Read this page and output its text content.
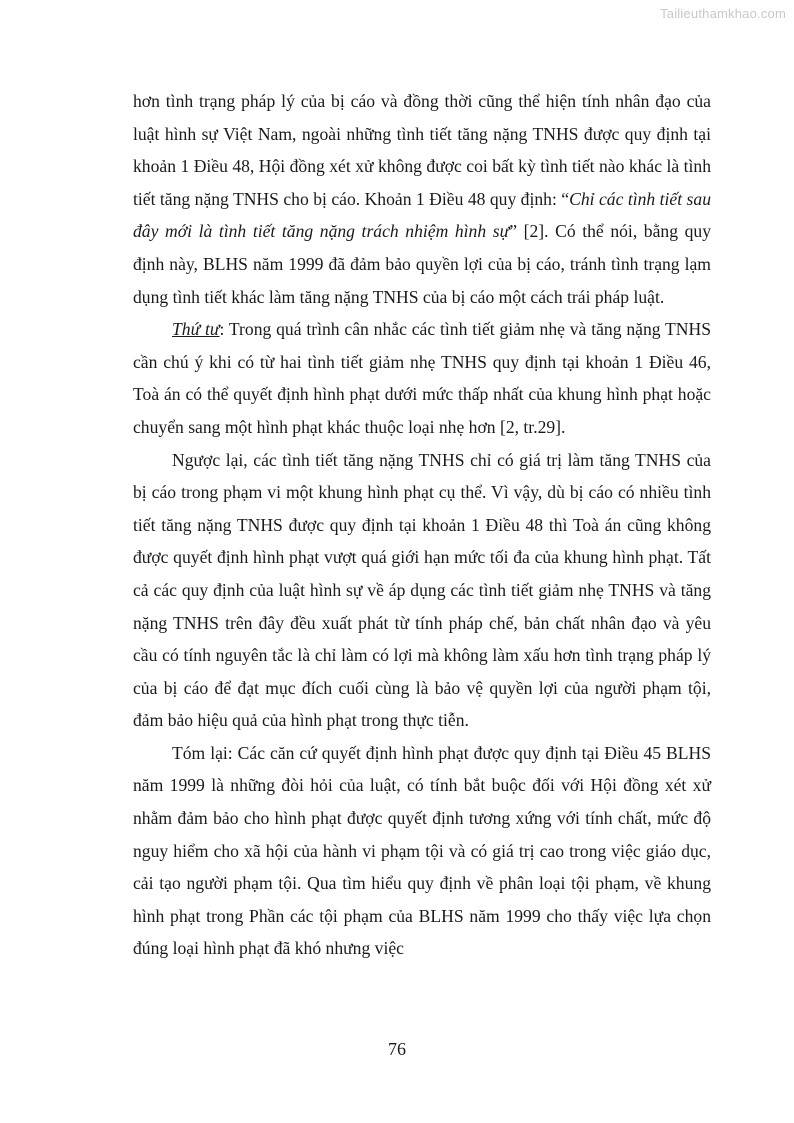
Tailieuthamkhao.com

hơn tình trạng pháp lý của bị cáo và đồng thời cũng thể hiện tính nhân đạo của luật hình sự Việt Nam, ngoài những tình tiết tăng nặng TNHS được quy định tại khoản 1 Điều 48, Hội đồng xét xử không được coi bất kỳ tình tiết nào khác là tình tiết tăng nặng TNHS cho bị cáo. Khoản 1 Điều 48 quy định: “Chỉ các tình tiết sau đây mới là tình tiết tăng nặng trách nhiệm hình sự” [2]. Có thể nói, bằng quy định này, BLHS năm 1999 đã đảm bảo quyền lợi của bị cáo, tránh tình trạng lạm dụng tình tiết khác làm tăng nặng TNHS của bị cáo một cách trái pháp luật.

Thứ tư: Trong quá trình cân nhắc các tình tiết giảm nhẹ và tăng nặng TNHS cần chú ý khi có từ hai tình tiết giảm nhẹ TNHS quy định tại khoản 1 Điều 46, Toà án có thể quyết định hình phạt dưới mức thấp nhất của khung hình phạt hoặc chuyển sang một hình phạt khác thuộc loại nhẹ hơn [2, tr.29].

Ngược lại, các tình tiết tăng nặng TNHS chỉ có giá trị làm tăng TNHS của bị cáo trong phạm vi một khung hình phạt cụ thể. Vì vậy, dù bị cáo có nhiều tình tiết tăng nặng TNHS được quy định tại khoản 1 Điều 48 thì Toà án cũng không được quyết định hình phạt vượt quá giới hạn mức tối đa của khung hình phạt. Tất cả các quy định của luật hình sự về áp dụng các tình tiết giảm nhẹ TNHS và tăng nặng TNHS trên đây đều xuất phát từ tính pháp chế, bản chất nhân đạo và yêu cầu có tính nguyên tắc là chỉ làm có lợi mà không làm xấu hơn tình trạng pháp lý của bị cáo để đạt mục đích cuối cùng là bảo vệ quyền lợi của người phạm tội, đảm bảo hiệu quả của hình phạt trong thực tiễn.

Tóm lại: Các căn cứ quyết định hình phạt được quy định tại Điều 45 BLHS năm 1999 là những đòi hỏi của luật, có tính bắt buộc đối với Hội đồng xét xử nhằm đảm bảo cho hình phạt được quyết định tương xứng với tính chất, mức độ nguy hiểm cho xã hội của hành vi phạm tội và có giá trị cao trong việc giáo dục, cải tạo người phạm tội. Qua tìm hiểu quy định về phân loại tội phạm, về khung hình phạt trong Phần các tội phạm của BLHS năm 1999 cho thấy việc lựa chọn đúng loại hình phạt đã khó nhưng việc

76
